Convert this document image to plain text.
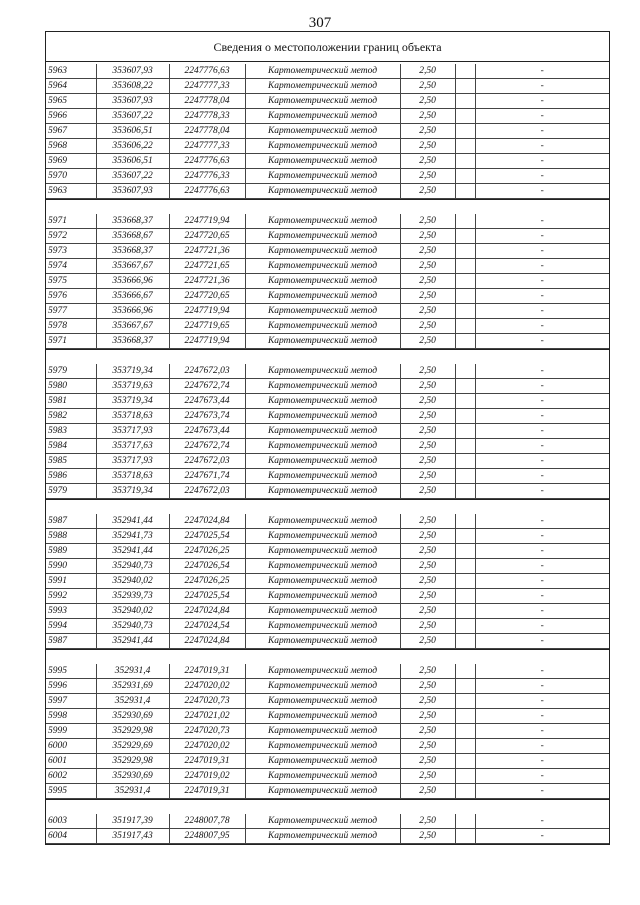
307
Сведения о местоположении границ объекта
5963	353607,93	2247776,63	Картометрический метод	2,50		-
5964	353608,22	2247777,33	Картометрический метод	2,50		-
5965	353607,93	2247778,04	Картометрический метод	2,50		-
5966	353607,22	2247778,33	Картометрический метод	2,50		-
5967	353606,51	2247778,04	Картометрический метод	2,50		-
5968	353606,22	2247777,33	Картометрический метод	2,50		-
5969	353606,51	2247776,63	Картометрический метод	2,50		-
5970	353607,22	2247776,33	Картометрический метод	2,50		-
5963	353607,93	2247776,63	Картометрический метод	2,50		-
5971	353668,37	2247719,94	Картометрический метод	2,50		-
5972	353668,67	2247720,65	Картометрический метод	2,50		-
5973	353668,37	2247721,36	Картометрический метод	2,50		-
5974	353667,67	2247721,65	Картометрический метод	2,50		-
5975	353666,96	2247721,36	Картометрический метод	2,50		-
5976	353666,67	2247720,65	Картометрический метод	2,50		-
5977	353666,96	2247719,94	Картометрический метод	2,50		-
5978	353667,67	2247719,65	Картометрический метод	2,50		-
5971	353668,37	2247719,94	Картометрический метод	2,50		-
5979	353719,34	2247672,03	Картометрический метод	2,50		-
5980	353719,63	2247672,74	Картометрический метод	2,50		-
5981	353719,34	2247673,44	Картометрический метод	2,50		-
5982	353718,63	2247673,74	Картометрический метод	2,50		-
5983	353717,93	2247673,44	Картометрический метод	2,50		-
5984	353717,63	2247672,74	Картометрический метод	2,50		-
5985	353717,93	2247672,03	Картометрический метод	2,50		-
5986	353718,63	2247671,74	Картометрический метод	2,50		-
5979	353719,34	2247672,03	Картометрический метод	2,50		-
5987	352941,44	2247024,84	Картометрический метод	2,50		-
5988	352941,73	2247025,54	Картометрический метод	2,50		-
5989	352941,44	2247026,25	Картометрический метод	2,50		-
5990	352940,73	2247026,54	Картометрический метод	2,50		-
5991	352940,02	2247026,25	Картометрический метод	2,50		-
5992	352939,73	2247025,54	Картометрический метод	2,50		-
5993	352940,02	2247024,84	Картометрический метод	2,50		-
5994	352940,73	2247024,54	Картометрический метод	2,50		-
5987	352941,44	2247024,84	Картометрический метод	2,50		-
5995	352931,4	2247019,31	Картометрический метод	2,50		-
5996	352931,69	2247020,02	Картометрический метод	2,50		-
5997	352931,4	2247020,73	Картометрический метод	2,50		-
5998	352930,69	2247021,02	Картометрический метод	2,50		-
5999	352929,98	2247020,73	Картометрический метод	2,50		-
6000	352929,69	2247020,02	Картометрический метод	2,50		-
6001	352929,98	2247019,31	Картометрический метод	2,50		-
6002	352930,69	2247019,02	Картометрический метод	2,50		-
5995	352931,4	2247019,31	Картометрический метод	2,50		-
6003	351917,39	2248007,78	Картометрический метод	2,50		-
6004	351917,43	2248007,95	Картометрический метод	2,50		-
